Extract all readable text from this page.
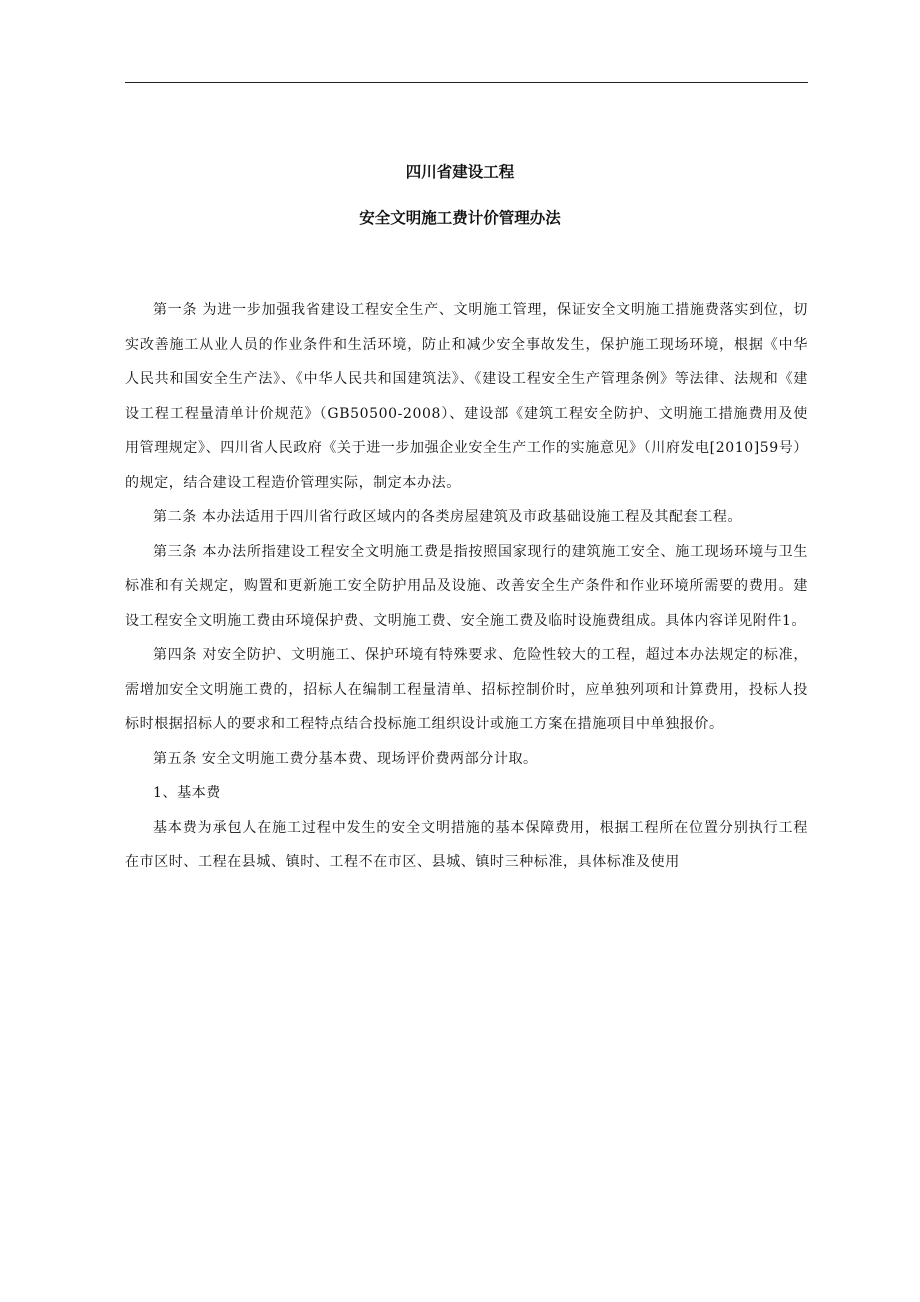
四川省建设工程
安全文明施工费计价管理办法

第一条 为进一步加强我省建设工程安全生产、文明施工管理，保证安全文明施工措施费落实到位，切实改善施工从业人员的作业条件和生活环境，防止和减少安全事故发生，保护施工现场环境，根据《中华人民共和国安全生产法》、《中华人民共和国建筑法》、《建设工程安全生产管理条例》等法律、法规和《建设工程工程量清单计价规范》（GB50500-2008）、建设部《建筑工程安全防护、文明施工措施费用及使用管理规定》、四川省人民政府《关于进一步加强企业安全生产工作的实施意见》（川府发电[2010]59号）的规定，结合建设工程造价管理实际，制定本办法。

第二条 本办法适用于四川省行政区域内的各类房屋建筑及市政基础设施工程及其配套工程。

第三条 本办法所指建设工程安全文明施工费是指按照国家现行的建筑施工安全、施工现场环境与卫生标准和有关规定，购置和更新施工安全防护用品及设施、改善安全生产条件和作业环境所需要的费用。建设工程安全文明施工费由环境保护费、文明施工费、安全施工费及临时设施费组成。具体内容详见附件1。

第四条 对安全防护、文明施工、保护环境有特殊要求、危险性较大的工程，超过本办法规定的标准，需增加安全文明施工费的，招标人在编制工程量清单、招标控制价时，应单独列项和计算费用，投标人投标时根据招标人的要求和工程特点结合投标施工组织设计或施工方案在措施项目中单独报价。

第五条 安全文明施工费分基本费、现场评价费两部分计取。

1、基本费

基本费为承包人在施工过程中发生的安全文明措施的基本保障费用，根据工程所在位置分别执行工程在市区时、工程在县城、镇时、工程不在市区、县城、镇时三种标准，具体标准及使用
